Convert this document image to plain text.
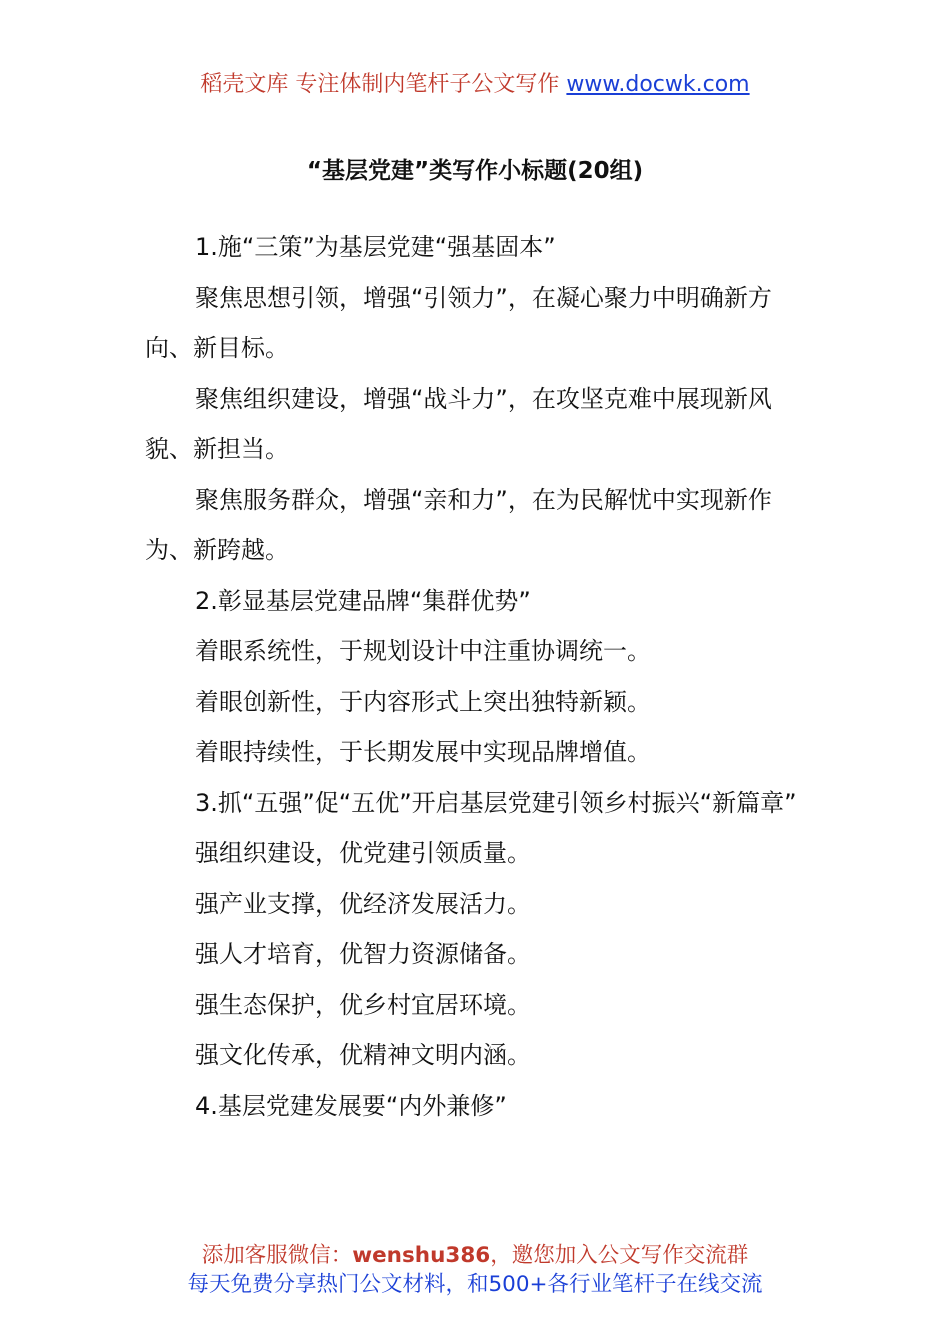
稻壳文库 专注体制内笔杆子公文写作 www.docwk.com
“基层党建”类写作小标题(20组)

1.施“三策”为基层党建“强基固本”

聚焦思想引领，增强“引领力”，在凝心聚力中明确新方向、新目标。

聚焦组织建设，增强“战斗力”，在攻坚克难中展现新风貌、新担当。

聚焦服务群众，增强“亲和力”，在为民解忧中实现新作为、新跨越。

2.彰显基层党建品牌“集群优势”

着眼系统性，于规划设计中注重协调统一。

着眼创新性，于内容形式上突出独特新颖。

着眼持续性，于长期发展中实现品牌增值。

3.抓“五强”促“五优”开启基层党建引领乡村振兴“新篇章”

强组织建设，优党建引领质量。

强产业支撑，优经济发展活力。

强人才培育，优智力资源储备。

强生态保护，优乡村宜居环境。

强文化传承，优精神文明内涵。

4.基层党建发展要“内外兼修”

添加客服微信：wenshu386，邀您加入公文写作交流群
每天免费分享热门公文材料，和500+各行业笔杆子在线交流
